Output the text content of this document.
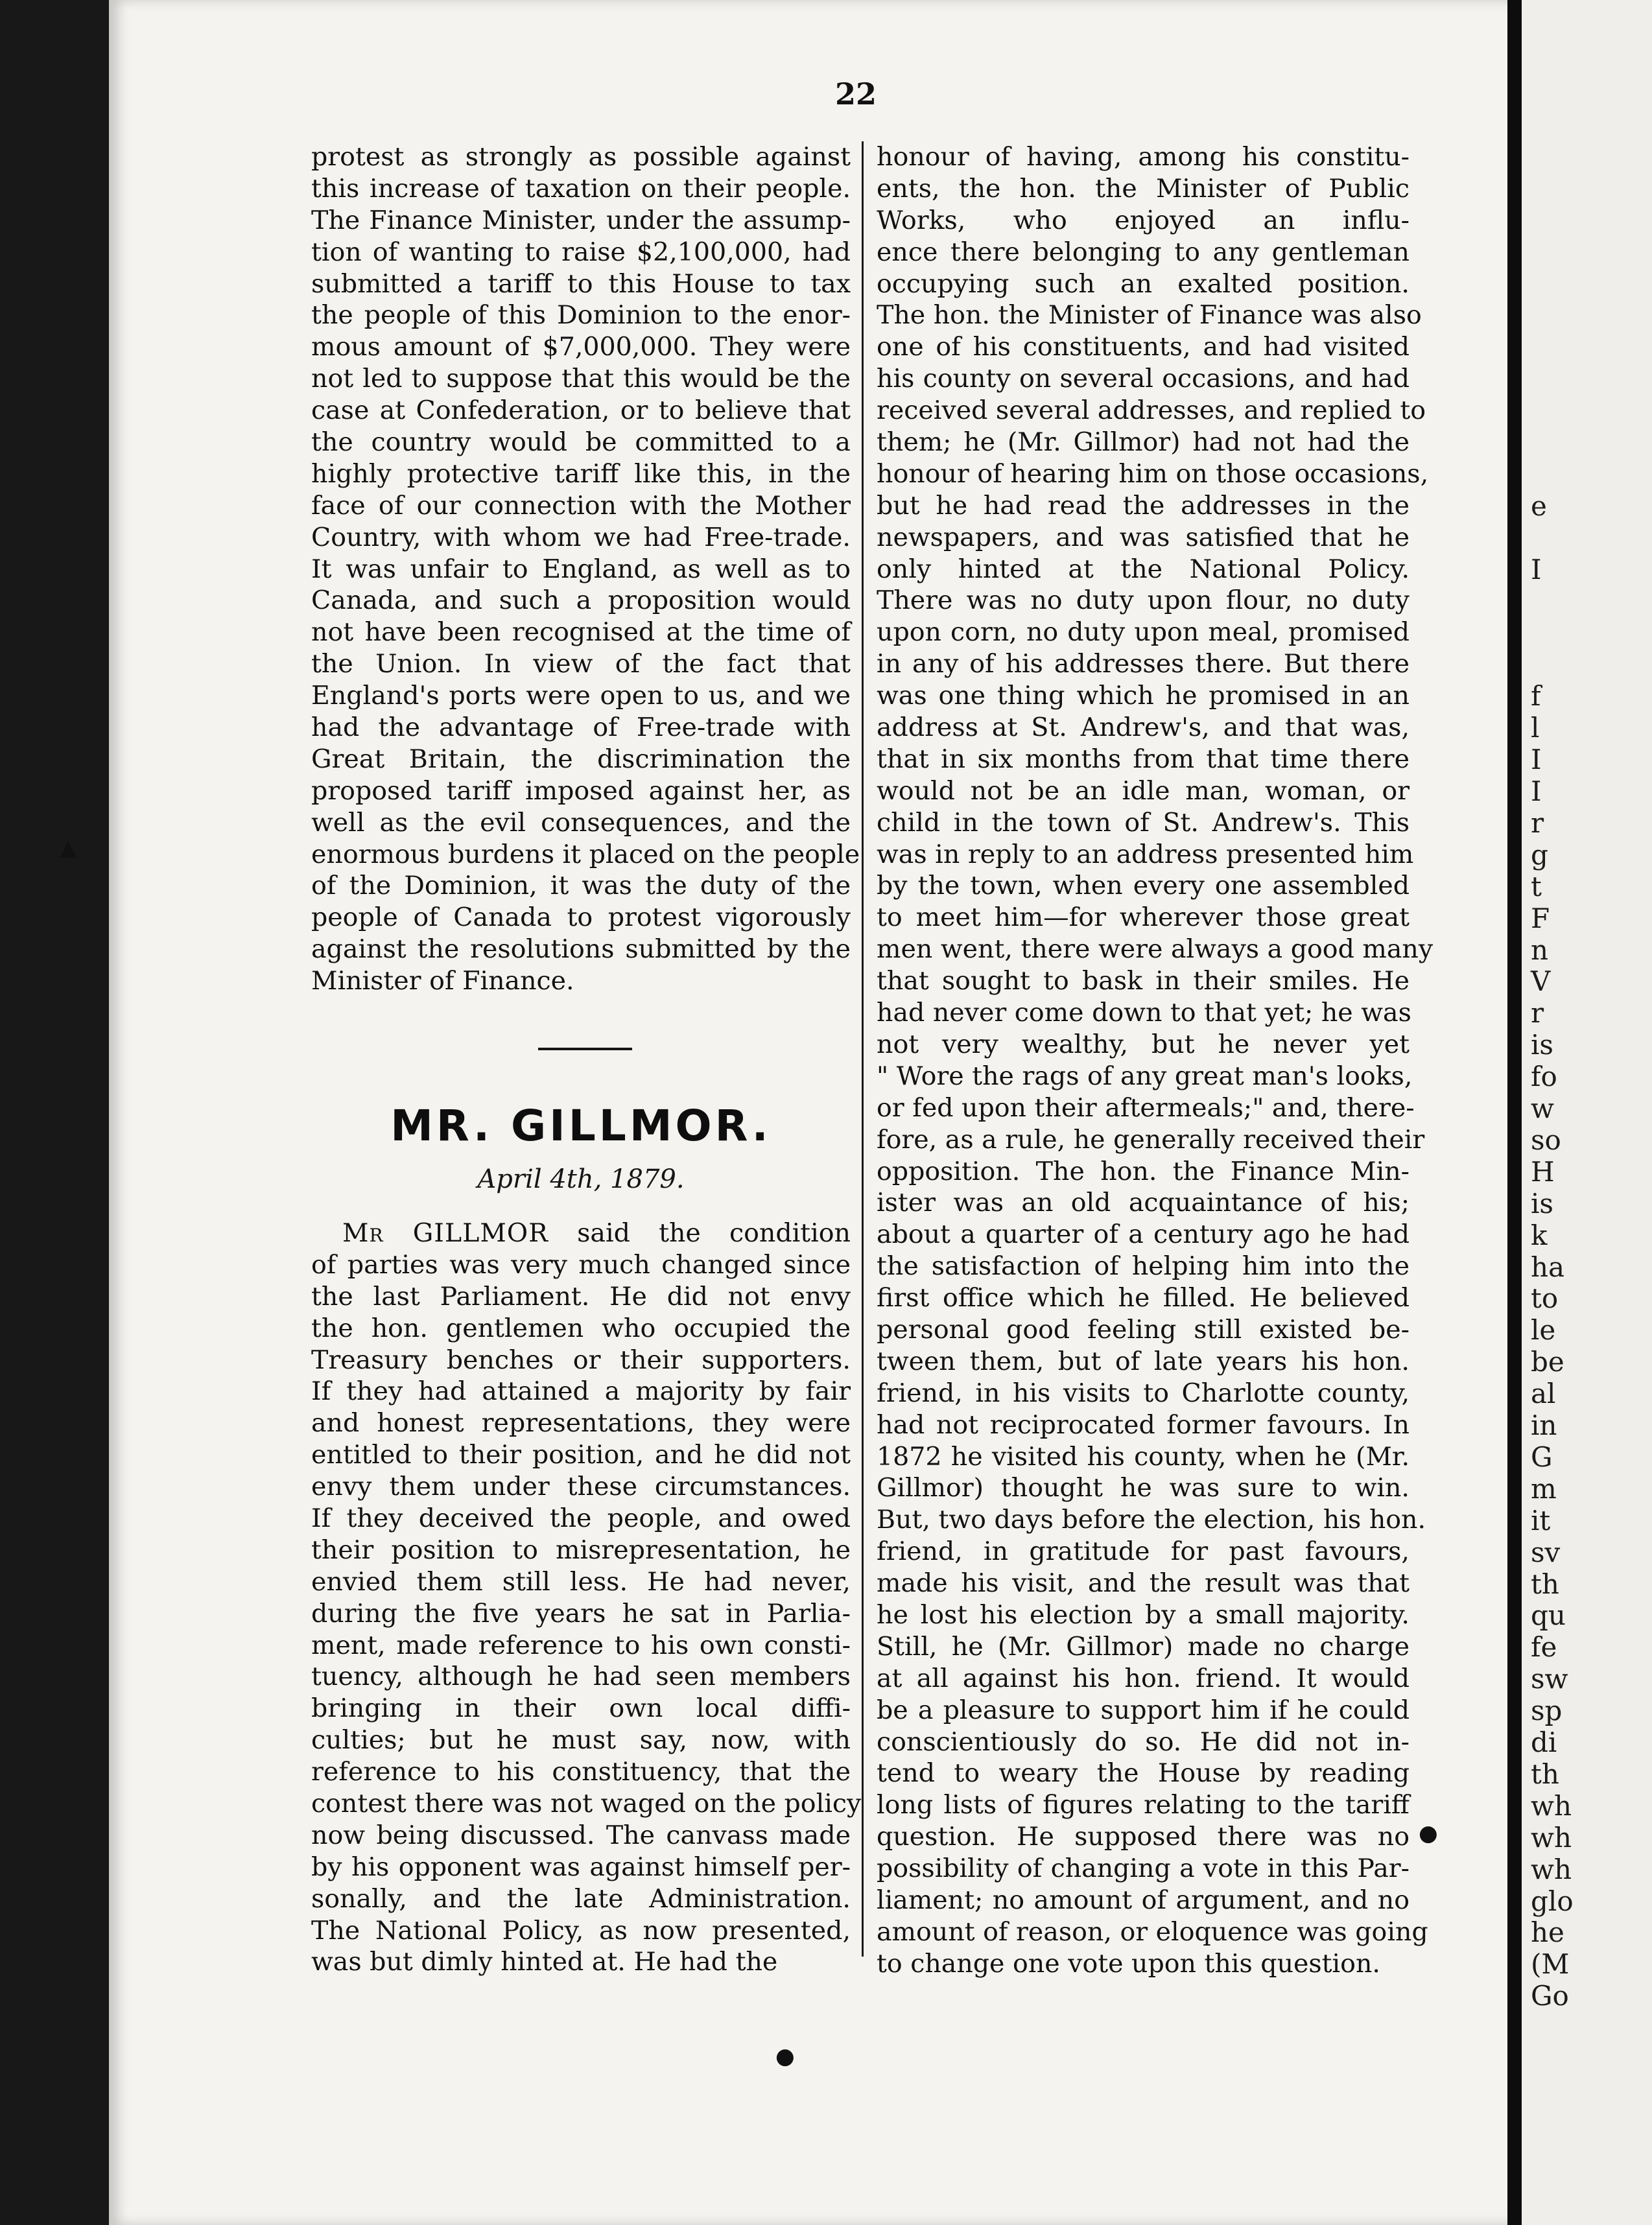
e
I
f
l
I
I
r
g
t
F
n
V
r
is
fo
w
so
H
is
k
ha
to
le
be
al
in
G
m
it
sv
th
qu
fe
sw
sp
di
th
wh
wh
wh
glo
he
(M
Go
22
protest as strongly as possible against
this increase of taxation on their people.
The Finance Minister, under the assump-
tion of wanting to raise $2,100,000, had
submitted a tariff to this House to tax
the people of this Dominion to the enor-
mous amount of $7,000,000. They were
not led to suppose that this would be the
case at Confederation, or to believe that
the country would be committed to a
highly protective tariff like this, in the
face of our connection with the Mother
Country, with whom we had Free-trade.
It was unfair to England, as well as to
Canada, and such a proposition would
not have been recognised at the time of
the Union. In view of the fact that
England's ports were open to us, and we
had the advantage of Free-trade with
Great Britain, the discrimination the
proposed tariff imposed against her, as
well as the evil consequences, and the
enormous burdens it placed on the people
of the Dominion, it was the duty of the
people of Canada to protest vigorously
against the resolutions submitted by the
Minister of Finance.
MR. GILLMOR.
April 4th, 1879.
Mr GILLMOR said the condition
of parties was very much changed since
the last Parliament. He did not envy
the hon. gentlemen who occupied the
Treasury benches or their supporters.
If they had attained a majority by fair
and honest representations, they were
entitled to their position, and he did not
envy them under these circumstances.
If they deceived the people, and owed
their position to misrepresentation, he
envied them still less. He had never,
during the five years he sat in Parlia-
ment, made reference to his own consti-
tuency, although he had seen members
bringing in their own local diffi-
culties; but he must say, now, with
reference to his constituency, that the
contest there was not waged on the policy
now being discussed. The canvass made
by his opponent was against himself per-
sonally, and the late Administration.
The National Policy, as now presented,
was but dimly hinted at. He had the
honour of having, among his constitu-
ents, the hon. the Minister of Public
Works, who enjoyed an influ-
ence there belonging to any gentleman
occupying such an exalted position.
The hon. the Minister of Finance was also
one of his constituents, and had visited
his county on several occasions, and had
received several addresses, and replied to
them; he (Mr. Gillmor) had not had the
honour of hearing him on those occasions,
but he had read the addresses in the
newspapers, and was satisfied that he
only hinted at the National Policy.
There was no duty upon flour, no duty
upon corn, no duty upon meal, promised
in any of his addresses there. But there
was one thing which he promised in an
address at St. Andrew's, and that was,
that in six months from that time there
would not be an idle man, woman, or
child in the town of St. Andrew's. This
was in reply to an address presented him
by the town, when every one assembled
to meet him—for wherever those great
men went, there were always a good many
that sought to bask in their smiles. He
had never come down to that yet; he was
not very wealthy, but he never yet
" Wore the rags of any great man's looks,
or fed upon their aftermeals;" and, there-
fore, as a rule, he generally received their
opposition. The hon. the Finance Min-
ister was an old acquaintance of his;
about a quarter of a century ago he had
the satisfaction of helping him into the
first office which he filled. He believed
personal good feeling still existed be-
tween them, but of late years his hon.
friend, in his visits to Charlotte county,
had not reciprocated former favours. In
1872 he visited his county, when he (Mr.
Gillmor) thought he was sure to win.
But, two days before the election, his hon.
friend, in gratitude for past favours,
made his visit, and the result was that
he lost his election by a small majority.
Still, he (Mr. Gillmor) made no charge
at all against his hon. friend. It would
be a pleasure to support him if he could
conscientiously do so. He did not in-
tend to weary the House by reading
long lists of figures relating to the tariff
question. He supposed there was no
possibility of changing a vote in this Par-
liament; no amount of argument, and no
amount of reason, or eloquence was going
to change one vote upon this question.
▲
●
●
